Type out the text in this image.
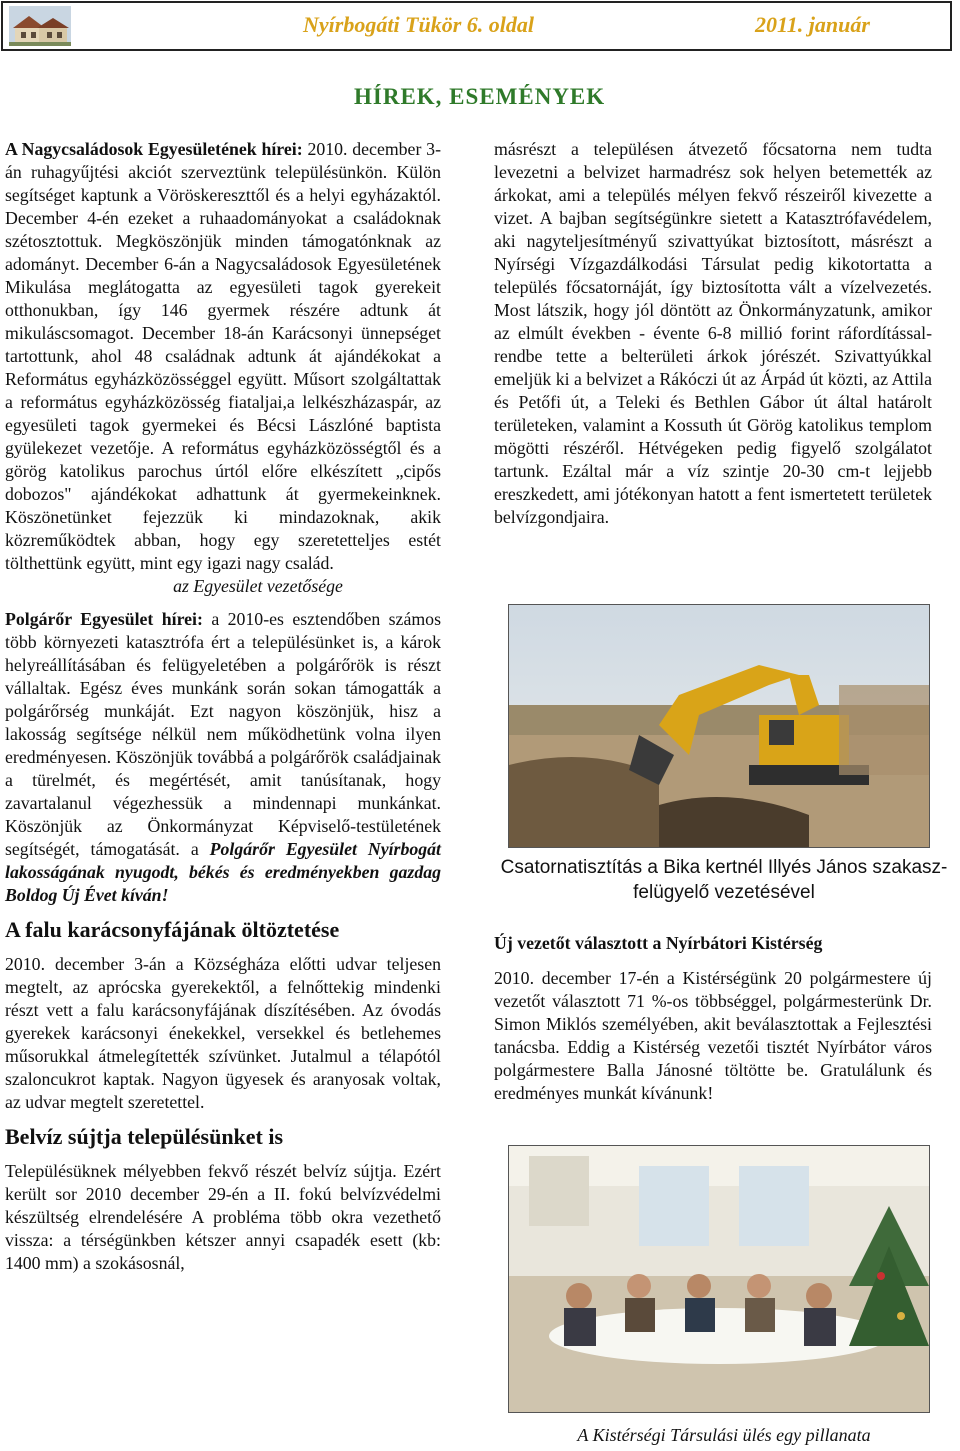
Nyírbogáti Tükör 6. oldal	2011. január
HÍREK, ESEMÉNYEK

A Nagycsaládosok Egyesületének hírei: 2010. december 3-án ruhagyűjtési akciót szerveztünk településünkön. Külön segítséget kaptunk a Vöröskereszttől és a helyi egyházaktól. December 4-én ezeket a ruhaadományokat a családoknak szétosztottuk. Megköszönjük minden támogatónknak az adományt. December 6-án a Nagycsaládosok Egyesületének Mikulása meglátogatta az egyesületi tagok gyerekeit otthonukban, így 146 gyermek részére adtunk át mikuláscsomagot. December 18-án Karácsonyi ünnepséget tartottunk, ahol 48 családnak adtunk át ajándékokat a Református egyházközösséggel együtt. Műsort szolgáltattak a református egyházközösség fiataljai,a lelkészházaspár, az egyesületi tagok gyermekei és Bécsi Lászlóné baptista gyülekezet vezetője. A református egyházközösségtől és a görög katolikus parochus úrtól előre elkészített „cipős dobozos" ajándékokat adhattunk át gyermekeinknek. Köszönetünket fejezzük ki mindazoknak, akik közreműködtek abban, hogy egy szeretetteljes estét tölthettünk együtt, mint egy igazi nagy család.

az Egyesület vezetősége

Polgárőr Egyesület hírei: a 2010-es esztendőben számos több környezeti katasztrófa ért a településünket is, a károk helyreállításában és felügyeletében a polgárőrök is részt vállaltak. Egész éves munkánk során sokan támogatták a polgárőrség munkáját. Ezt nagyon köszönjük, hisz a lakosság segítsége nélkül nem működhetünk volna ilyen eredményesen. Köszönjük továbbá a polgárőrök családjainak a türelmét, és megértését, amit tanúsítanak, hogy zavartalanul végezhessük a mindennapi munkánkat. Köszönjük az Önkormányzat Képviselő-testületének segítségét, támogatását. a Polgárőr Egyesület Nyírbogát lakosságának nyugodt, békés és eredményekben gazdag Boldog Új Évet kíván!

A falu karácsonyfájának öltöztetése

2010. december 3-án a Községháza előtti udvar teljesen megtelt, az aprócska gyerekektől, a felnőttekig mindenki részt vett a falu karácsonyfájának díszítésében. Az óvodás gyerekek karácsonyi énekekkel, versekkel és betlehemes műsorukkal átmelegítették szívünket. Jutalmul a télapótól szaloncukrot kaptak. Nagyon ügyesek és aranyosak voltak, az udvar megtelt szeretettel.

Belvíz sújtja településünket is

Településüknek mélyebben fekvő részét belvíz sújtja. Ezért került sor 2010 december 29-én a II. fokú belvízvédelmi készültség elrendelésére A probléma több okra vezethető vissza: a térségünkben kétszer annyi csapadék esett (kb: 1400 mm) a szokásosnál,

másrészt a településen átvezető főcsatorna nem tudta levezetni a belvizet harmadrész sok helyen betemették az árkokat, ami a település mélyen fekvő részeiről kivezette a vizet. A bajban segítségünkre sietett a Katasztrófavédelem, aki nagyteljesítményű szivattyúkat biztosított, másrészt a Nyírségi Vízgazdálkodási Társulat pedig kikotortatta a település főcsatornáját, így biztosította vált a vízelvezetés. Most látszik, hogy jól döntött az Önkormányzatunk, amikor az elmúlt években - évente 6-8 millió forint ráfordítással- rendbe tette a belterületi árkok jórészét. Szivattyúkkal emeljük ki a belvizet a Rákóczi út az Árpád út közti, az Attila és Petőfi út, a Teleki és Bethlen Gábor út által határolt területeken, valamint a Kossuth út Görög katolikus templom mögötti részéről. Hétvégeken pedig figyelő szolgálatot tartunk. Ezáltal már a víz szintje 20-30 cm-t lejjebb ereszkedett, ami jótékonyan hatott a fent ismertetett területek belvízgondjaira.

Csatornatisztítás a Bika kertnél Illyés János szakasz-felügyelő vezetésével
Új vezetőt választott a Nyírbátori Kistérség

2010. december 17-én a Kistérségünk 20 polgármestere új vezetőt választott 71 %-os többséggel, polgármesterünk Dr. Simon Miklós személyében, akit beválasztottak a Fejlesztési tanácsba. Eddig a Kistérség vezetői tisztét Nyírbátor város polgármestere Balla Jánosné töltötte be. Gratulálunk és eredményes munkát kívánunk!

A Kistérségi Társulási ülés egy pillanata
